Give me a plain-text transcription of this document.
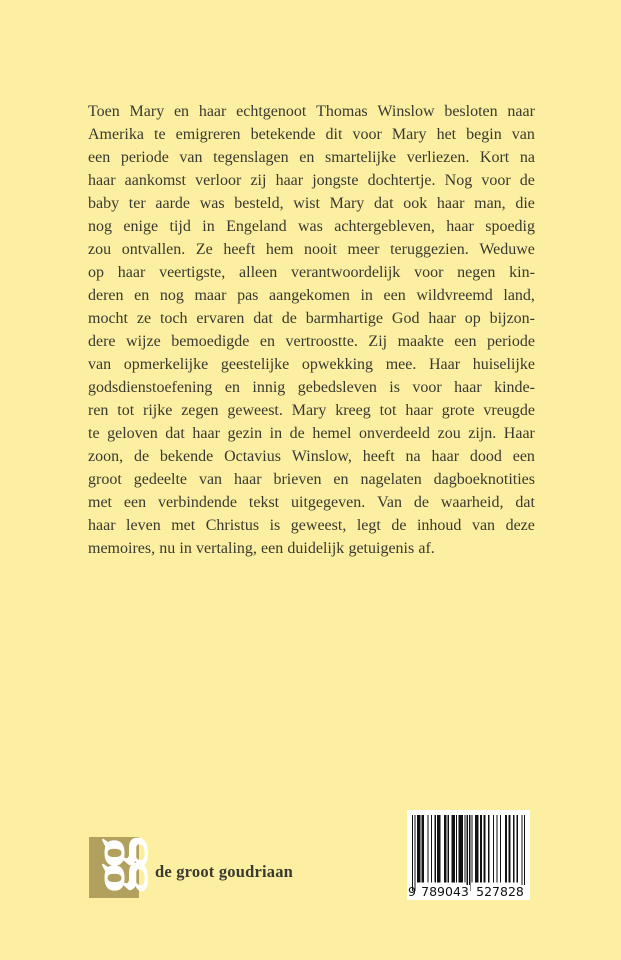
Toen Mary en haar echtgenoot Thomas Winslow besloten naar
Amerika te emigreren betekende dit voor Mary het begin van
een periode van tegenslagen en smartelijke verliezen. Kort na
haar aankomst verloor zij haar jongste dochtertje. Nog voor de
baby ter aarde was besteld, wist Mary dat ook haar man, die
nog enige tijd in Engeland was achtergebleven, haar spoedig
zou ontvallen. Ze heeft hem nooit meer teruggezien. Weduwe
op haar veertigste, alleen verantwoordelijk voor negen kin-
deren en nog maar pas aangekomen in een wildvreemd land,
mocht ze toch ervaren dat de barmhartige God haar op bijzon-
dere wijze bemoedigde en vertroostte. Zij maakte een periode
van opmerkelijke geestelijke opwekking mee. Haar huiselijke
godsdienstoefening en innig gebedsleven is voor haar kinde-
ren tot rijke zegen geweest. Mary kreeg tot haar grote vreugde
te geloven dat haar gezin in de hemel onverdeeld zou zijn. Haar
zoon, de bekende Octavius Winslow, heeft na haar dood een
groot gedeelte van haar brieven en nagelaten dagboeknotities
met een verbindende tekst uitgegeven. Van de waarheid, dat
haar leven met Christus is geweest, legt de inhoud van deze
memoires, nu in vertaling, een duidelijk getuigenis af.
gg de groot goudriaan
9 789043 527828
